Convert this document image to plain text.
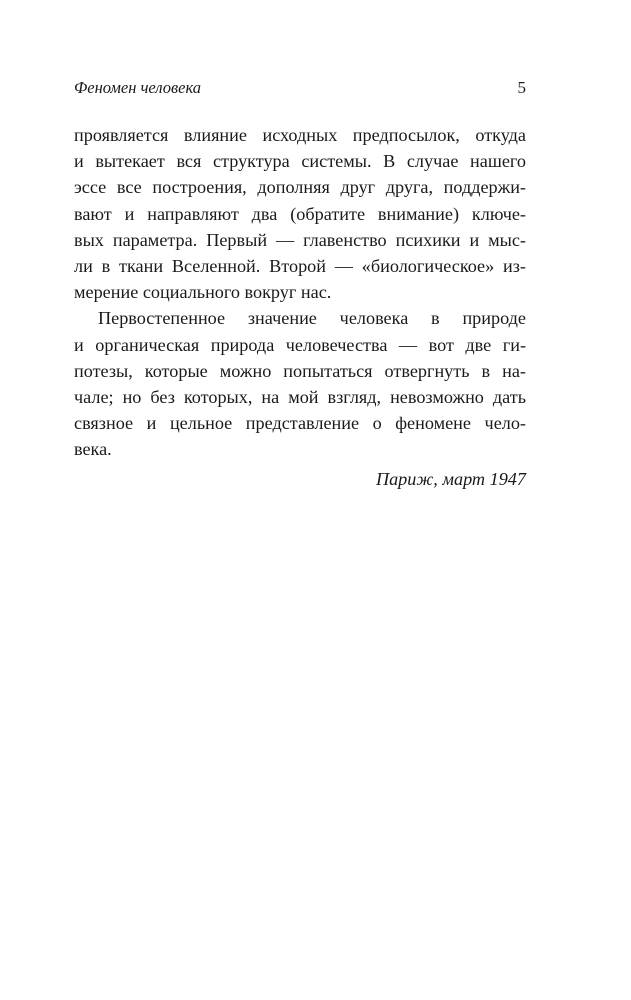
Феномен человека	5
проявляется влияние исходных предпосылок, откуда
и вытекает вся структура системы. В случае нашего
эссе все построения, дополняя друг друга, поддержи-
вают и направляют два (обратите внимание) ключе-
вых параметра. Первый — главенство психики и мыс-
ли в ткани Вселенной. Второй — «биологическое» из-
мерение социального вокруг нас.
Первостепенное значение человека в природе
и органическая природа человечества — вот две ги-
потезы, которые можно попытаться отвергнуть в на-
чале; но без которых, на мой взгляд, невозможно дать
связное и цельное представление о феномене чело-
века.
Париж, март 1947
